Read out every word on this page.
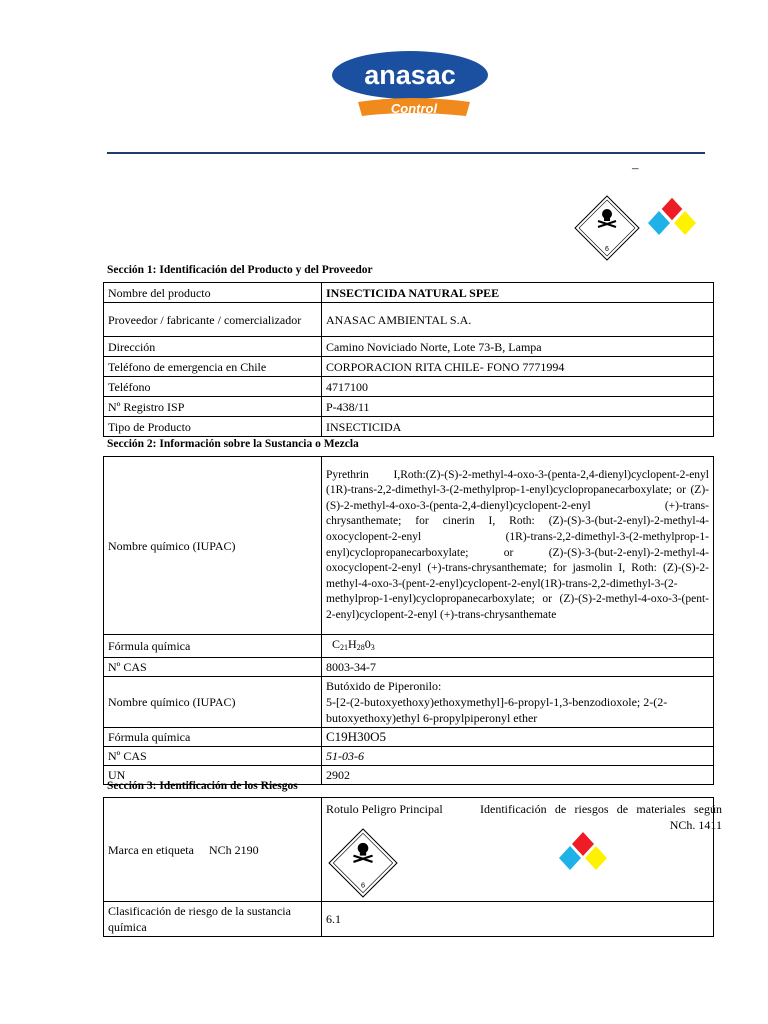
anasac
Control
–
6
Sección 1: Identificación del Producto y del Proveedor
Nombre del producto	INSECTICIDA NATURAL SPEE
Proveedor / fabricante / comercializador	ANASAC AMBIENTAL S.A.
Dirección	Camino Noviciado Norte, Lote 73-B, Lampa
Teléfono de emergencia en Chile	CORPORACION RITA CHILE- FONO 7771994
Teléfono	4717100
Nº Registro ISP	P-438/11
Tipo de Producto	INSECTICIDA
Sección 2: Información sobre la Sustancia o Mezcla
Nombre químico (IUPAC)	Pyrethrin I,Roth:(Z)-(S)-2-methyl-4-oxo-3-(penta-2,4-dienyl)cyclopent-2-enyl (1R)-trans-2,2-dimethyl-3-(2-methylprop-1-enyl)cyclopropanecarboxylate; or (Z)-(S)-2-methyl-4-oxo-3-(penta-2,4-dienyl)cyclopent-2-enyl (+)-trans-chrysanthemate; for cinerin I, Roth: (Z)-(S)-3-(but-2-enyl)-2-methyl-4-oxocyclopent-2-enyl (1R)-trans-2,2-dimethyl-3-(2-methylprop-1-enyl)cyclopropanecarboxylate; or (Z)-(S)-3-(but-2-enyl)-2-methyl-4-oxocyclopent-2-enyl (+)-trans-chrysanthemate; for jasmolin I, Roth: (Z)-(S)-2-methyl-4-oxo-3-(pent-2-enyl)cyclopent-2-enyl(1R)-trans-2,2-dimethyl-3-(2- methylprop-1-enyl)cyclopropanecarboxylate; or (Z)-(S)-2-methyl-4-oxo-3-(pent-2-enyl)cyclopent-2-enyl (+)-trans-chrysanthemate
Fórmula química	$C_{21}H_{28}0_3$
Nº CAS	8003-34-7
Nombre químico (IUPAC)	Butóxido de Piperonilo:
5-[2-(2-butoxyethoxy)ethoxymethyl]-6-propyl-1,3-benzodioxole; 2-(2-butoxyethoxy)ethyl 6-propylpiperonyl ether

Fórmula química	C19H30O5
Nº CAS	51-03-6
UN	2902
Sección 3: Identificación de los Riesgos
Marca en etiqueta NCh 2190	Rotulo Peligro Principal Identificación de riesgos de materiales según NCh. 1411
6

Clasificación de riesgo de la sustancia química	6.1
